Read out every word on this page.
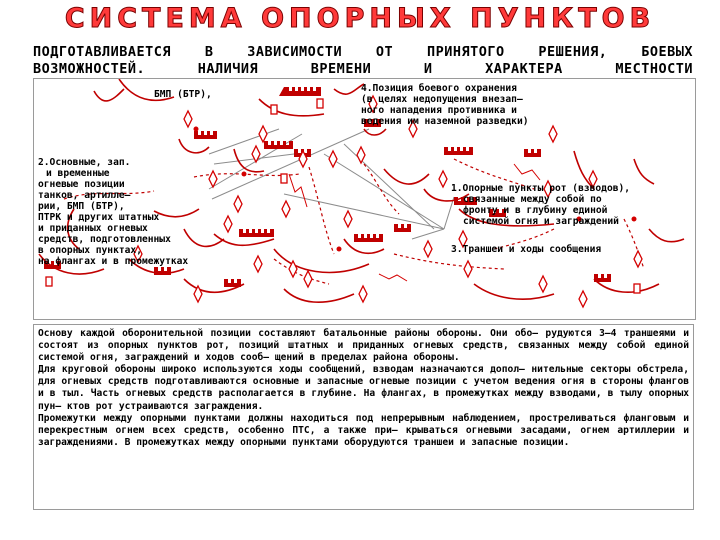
СИСТЕМА ОПОРНЫХ ПУНКТОВ
ПОДГОТАВЛИВАЕТСЯ В ЗАВИСИМОСТИ ОТ ПРИНЯТОГО РЕШЕНИЯ, БОЕВЫХ
ВОЗМОЖНОСТЕЙ. НАЛИЧИЯ ВРЕМЕНИ И ХАРАКТЕРА МЕСТНОСТИ
БМП (БТР),
4.Позиция боевого охранения
(в целях недопущения внезап–
ного нападения противника и
ведения им наземной разведки)
2.Основные, зап.
и временные
огневые позиции
танков, артилле–
рии, БМП (БТР),
ПТРК и других штатных
и приданных огневых
средств, подготовленных
в опорных пунктах,
на флангах и в промежутках
1.Опорные пункты рот (взводов),
связанные между собой по
фронту и в глубину единой
системой огня и заграждений
3.Траншеи и ходы сообщения

Основу каждой оборонительной позиции составляют батальонные районы обороны. Они обо– рудуются 3–4 траншеями и состоят из опорных пунктов рот, позиций штатных и приданных огневых средств, связанных между собой единой системой огня, заграждений и ходов сооб– щений в пределах района обороны.

Для круговой обороны широко используются ходы сообщений, взводам назначаются допол– нительные секторы обстрела, для огневых средств подготавливаются основные и запасные огневые позиции с учетом ведения огня в стороны флангов и в тыл. Часть огневых средств располагается в глубине. На флангах, в промежутках между взводами, в тылу опорных пун– ктов рот устраиваются заграждения.

Промежутки между опорными пунктами должны находиться под непрерывным наблюдением, простреливаться фланговым и перекрестным огнем всех средств, особенно ПТС, а также при– крываться огневыми засадами, огнем артиллерии и заграждениями. В промежутках между опорными пунктами оборудуются траншеи и запасные позиции.
